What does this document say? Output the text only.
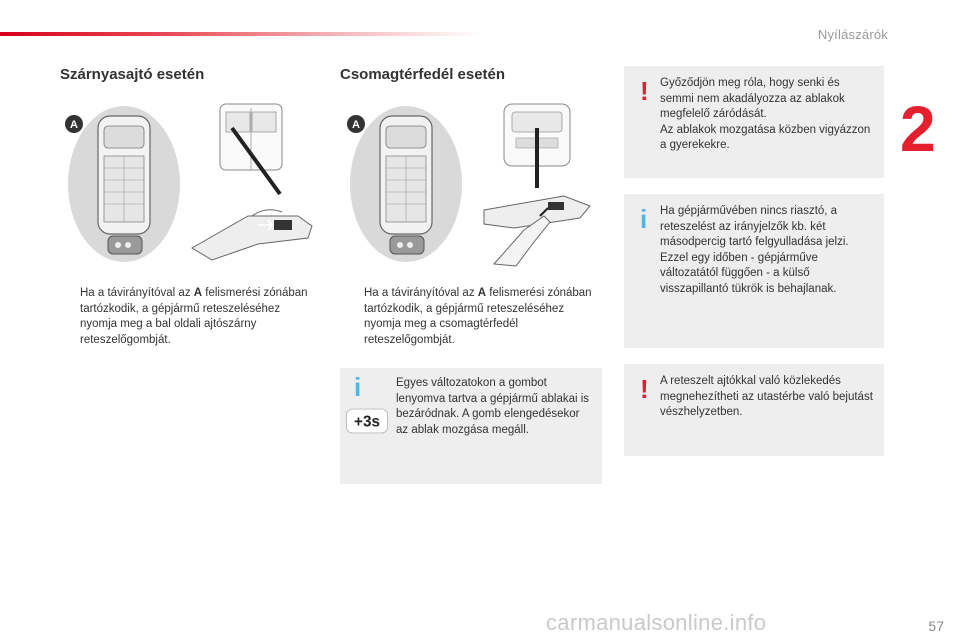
Nyílászárók
2
Szárnyasajtó esetén
A
Ha a távirányítóval az A felismerési zónában tartózkodik, a gépjármű reteszeléséhez nyomja meg a bal oldali ajtószárny reteszelőgombját.
Csomagtérfedél esetén
A
Ha a távirányítóval az A felismerési zónában tartózkodik, a gépjármű reteszeléséhez nyomja meg a csomagtérfedél reteszelőgombját.
i
+3s
Egyes változatokon a gombot lenyomva tartva a gépjármű ablakai is bezáródnak. A gomb elengedésekor az ablak mozgása megáll.
! Győződjön meg róla, hogy senki és semmi nem akadályozza az ablakok megfelelő záródását.
Az ablakok mozgatása közben vigyázzon a gyerekekre.
i Ha gépjárművében nincs riasztó, a reteszelést az irányjelzők kb. két másodpercig tartó felgyulladása jelzi. Ezzel egy időben - gépjárműve változatától függően - a külső visszapillantó tükrök is behajlanak.
! A reteszelt ajtókkal való közlekedés megnehezítheti az utastérbe való bejutást vészhelyzetben.
carmanualsonline.info	57
